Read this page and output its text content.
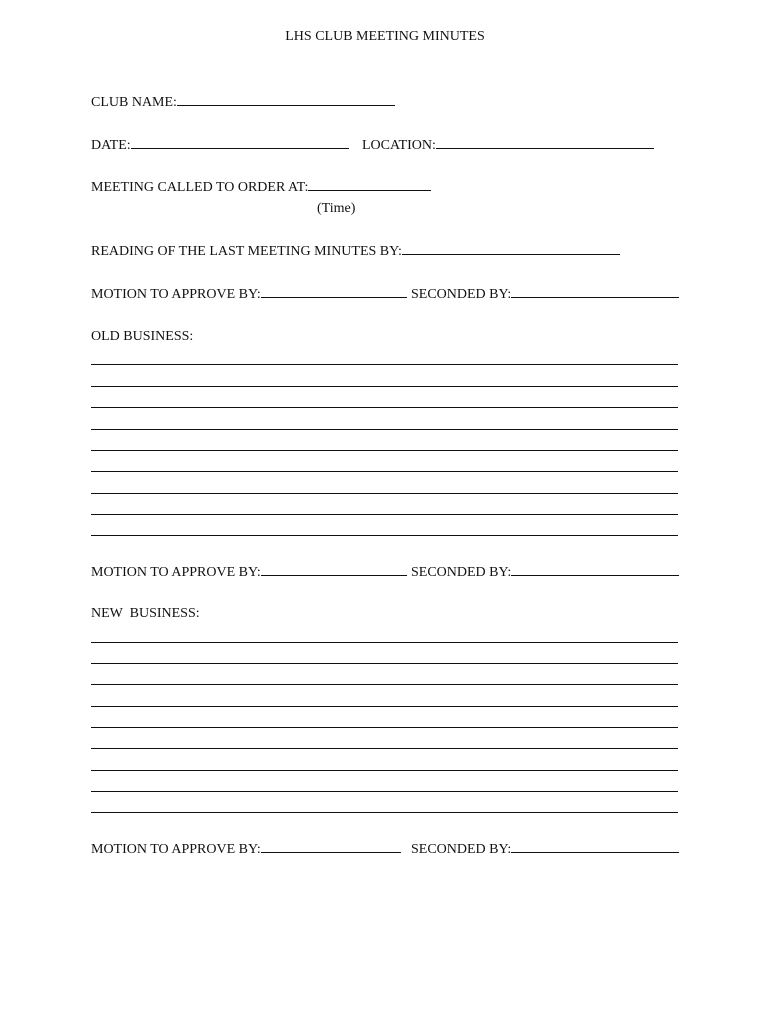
LHS CLUB MEETING MINUTES
CLUB NAME:
DATE:	LOCATION:
MEETING CALLED TO ORDER AT:
(Time)
READING OF THE LAST MEETING MINUTES BY:
MOTION TO APPROVE BY:	SECONDED BY:
OLD BUSINESS:
MOTION TO APPROVE BY:	SECONDED BY:
NEW  BUSINESS:
MOTION TO APPROVE BY:	SECONDED BY:
